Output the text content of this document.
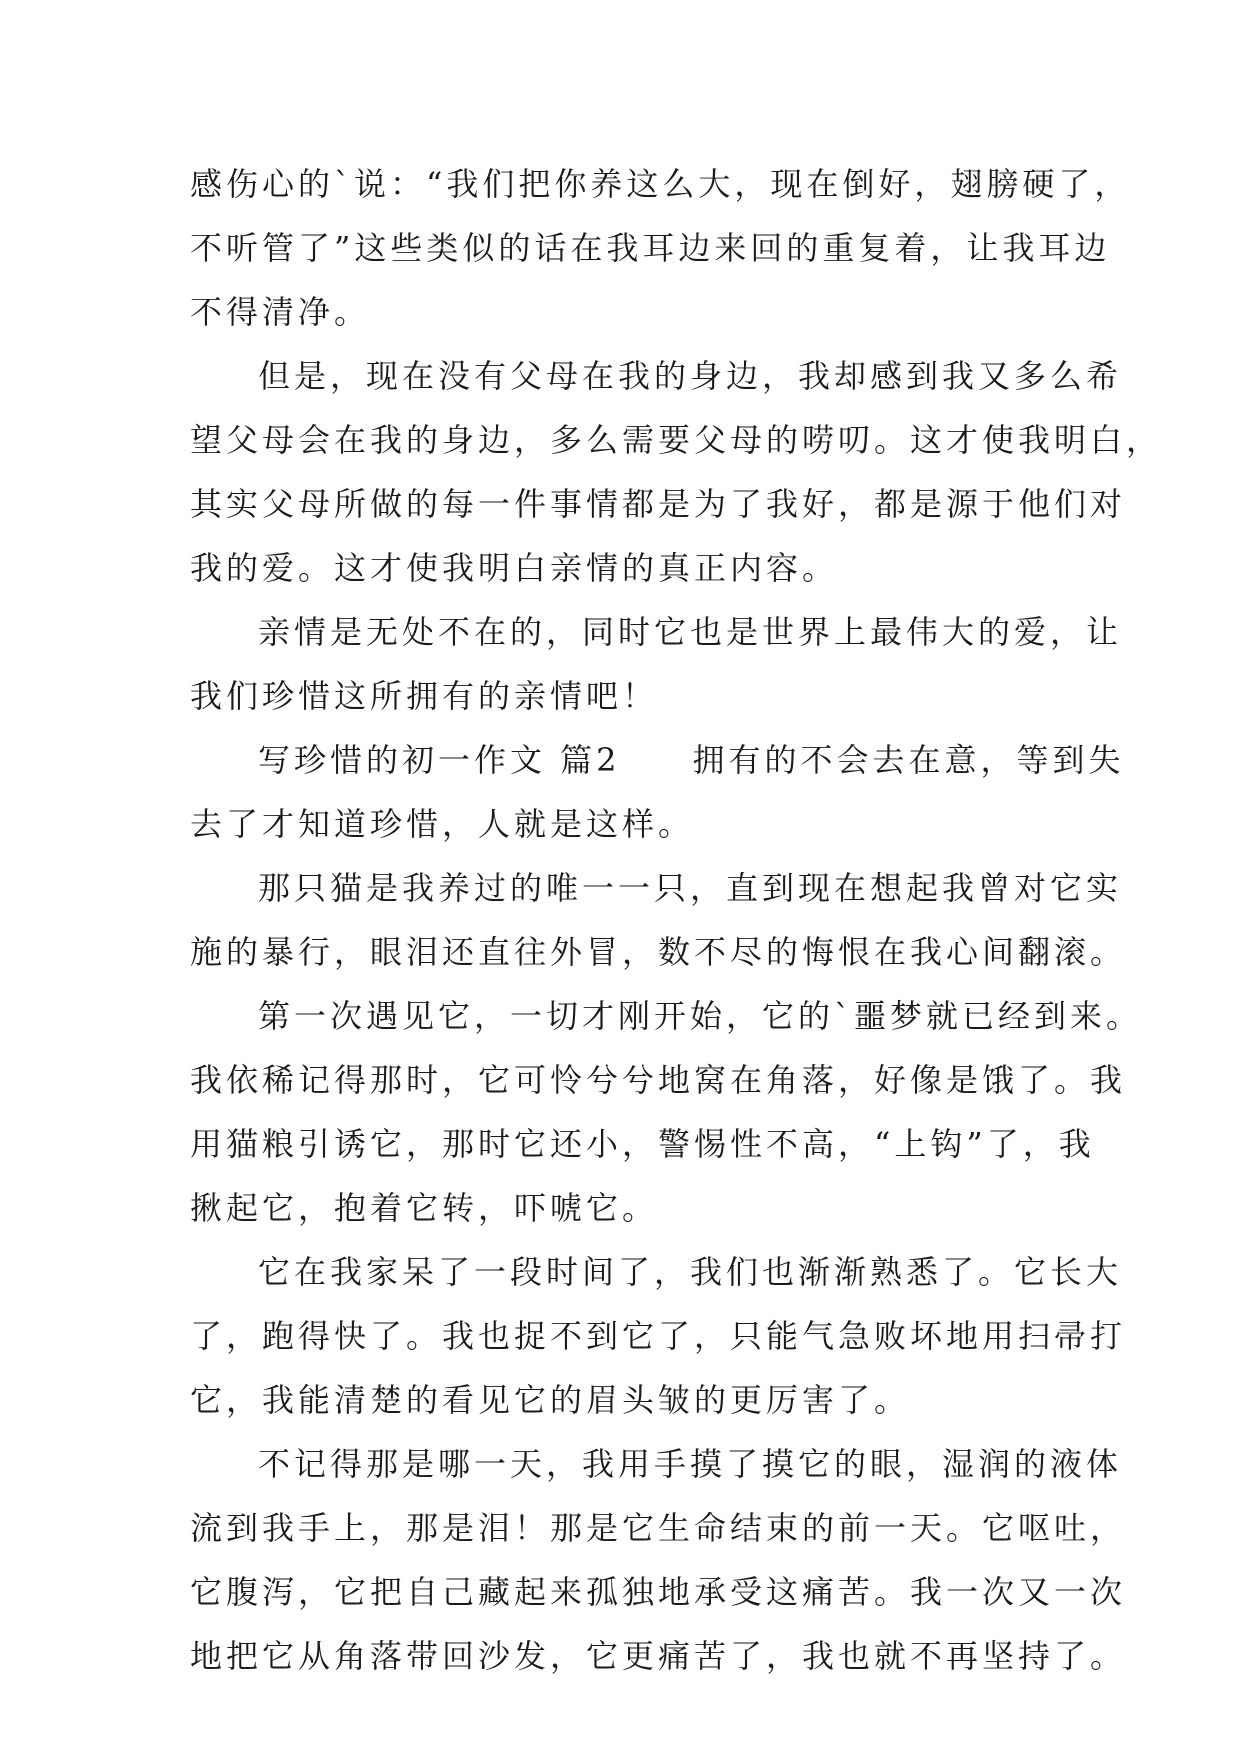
感伤心的`说：“我们把你养这么大，现在倒好，翅膀硬了，
不听管了”这些类似的话在我耳边来回的重复着，让我耳边
不得清净。
但是，现在没有父母在我的身边，我却感到我又多么希
望父母会在我的身边，多么需要父母的唠叨。这才使我明白，
其实父母所做的每一件事情都是为了我好，都是源于他们对
我的爱。这才使我明白亲情的真正内容。
亲情是无处不在的，同时它也是世界上最伟大的爱，让
我们珍惜这所拥有的亲情吧！
写珍惜的初一作文 篇2 拥有的不会去在意，等到失
去了才知道珍惜，人就是这样。
那只猫是我养过的唯一一只，直到现在想起我曾对它实
施的暴行，眼泪还直往外冒，数不尽的悔恨在我心间翻滚。
第一次遇见它，一切才刚开始，它的`噩梦就已经到来。
我依稀记得那时，它可怜兮兮地窝在角落，好像是饿了。我
用猫粮引诱它，那时它还小，警惕性不高，“上钩”了，我
揪起它，抱着它转，吓唬它。
它在我家呆了一段时间了，我们也渐渐熟悉了。它长大
了，跑得快了。我也捉不到它了，只能气急败坏地用扫帚打
它，我能清楚的看见它的眉头皱的更厉害了。
不记得那是哪一天，我用手摸了摸它的眼，湿润的液体
流到我手上，那是泪！那是它生命结束的前一天。它呕吐，
它腹泻，它把自己藏起来孤独地承受这痛苦。我一次又一次
地把它从角落带回沙发，它更痛苦了，我也就不再坚持了。
